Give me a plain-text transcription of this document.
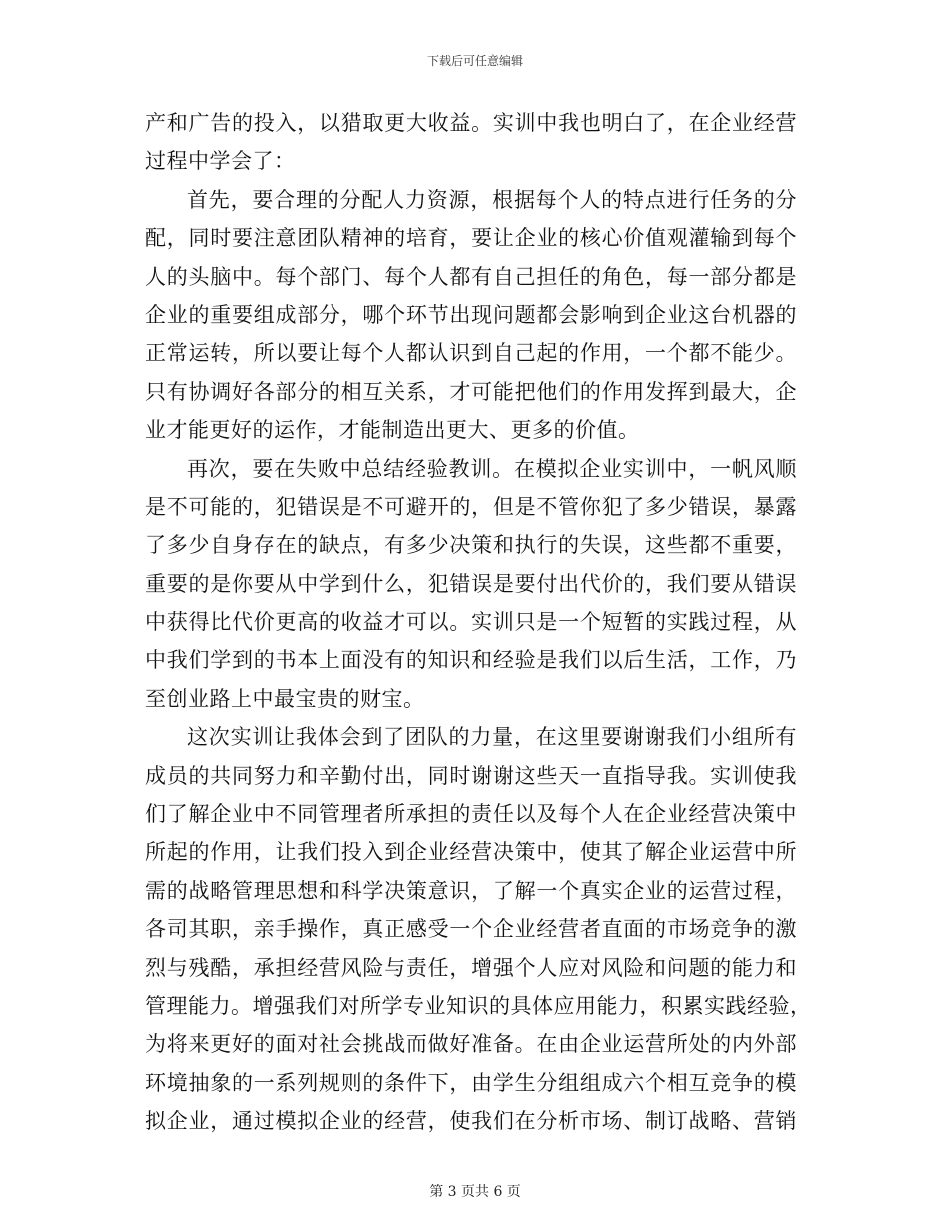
下载后可任意编辑
产和广告的投入，以猎取更大收益。实训中我也明白了，在企业经营
过程中学会了：
首先，要合理的分配人力资源，根据每个人的特点进行任务的分
配，同时要注意团队精神的培育，要让企业的核心价值观灌输到每个
人的头脑中。每个部门、每个人都有自己担任的角色，每一部分都是
企业的重要组成部分，哪个环节出现问题都会影响到企业这台机器的
正常运转，所以要让每个人都认识到自己起的作用，一个都不能少。
只有协调好各部分的相互关系，才可能把他们的作用发挥到最大，企
业才能更好的运作，才能制造出更大、更多的价值。
再次，要在失败中总结经验教训。在模拟企业实训中，一帆风顺
是不可能的，犯错误是不可避开的，但是不管你犯了多少错误，暴露
了多少自身存在的缺点，有多少决策和执行的失误，这些都不重要，
重要的是你要从中学到什么，犯错误是要付出代价的，我们要从错误
中获得比代价更高的收益才可以。实训只是一个短暂的实践过程，从
中我们学到的书本上面没有的知识和经验是我们以后生活，工作，乃
至创业路上中最宝贵的财宝。
这次实训让我体会到了团队的力量，在这里要谢谢我们小组所有
成员的共同努力和辛勤付出，同时谢谢这些天一直指导我。实训使我
们了解企业中不同管理者所承担的责任以及每个人在企业经营决策中
所起的作用，让我们投入到企业经营决策中，使其了解企业运营中所
需的战略管理思想和科学决策意识，了解一个真实企业的运营过程，
各司其职，亲手操作，真正感受一个企业经营者直面的市场竞争的激
烈与残酷，承担经营风险与责任，增强个人应对风险和问题的能力和
管理能力。增强我们对所学专业知识的具体应用能力，积累实践经验，
为将来更好的面对社会挑战而做好准备。在由企业运营所处的内外部
环境抽象的一系列规则的条件下，由学生分组组成六个相互竞争的模
拟企业，通过模拟企业的经营，使我们在分析市场、制订战略、营销
第 3 页共 6 页
